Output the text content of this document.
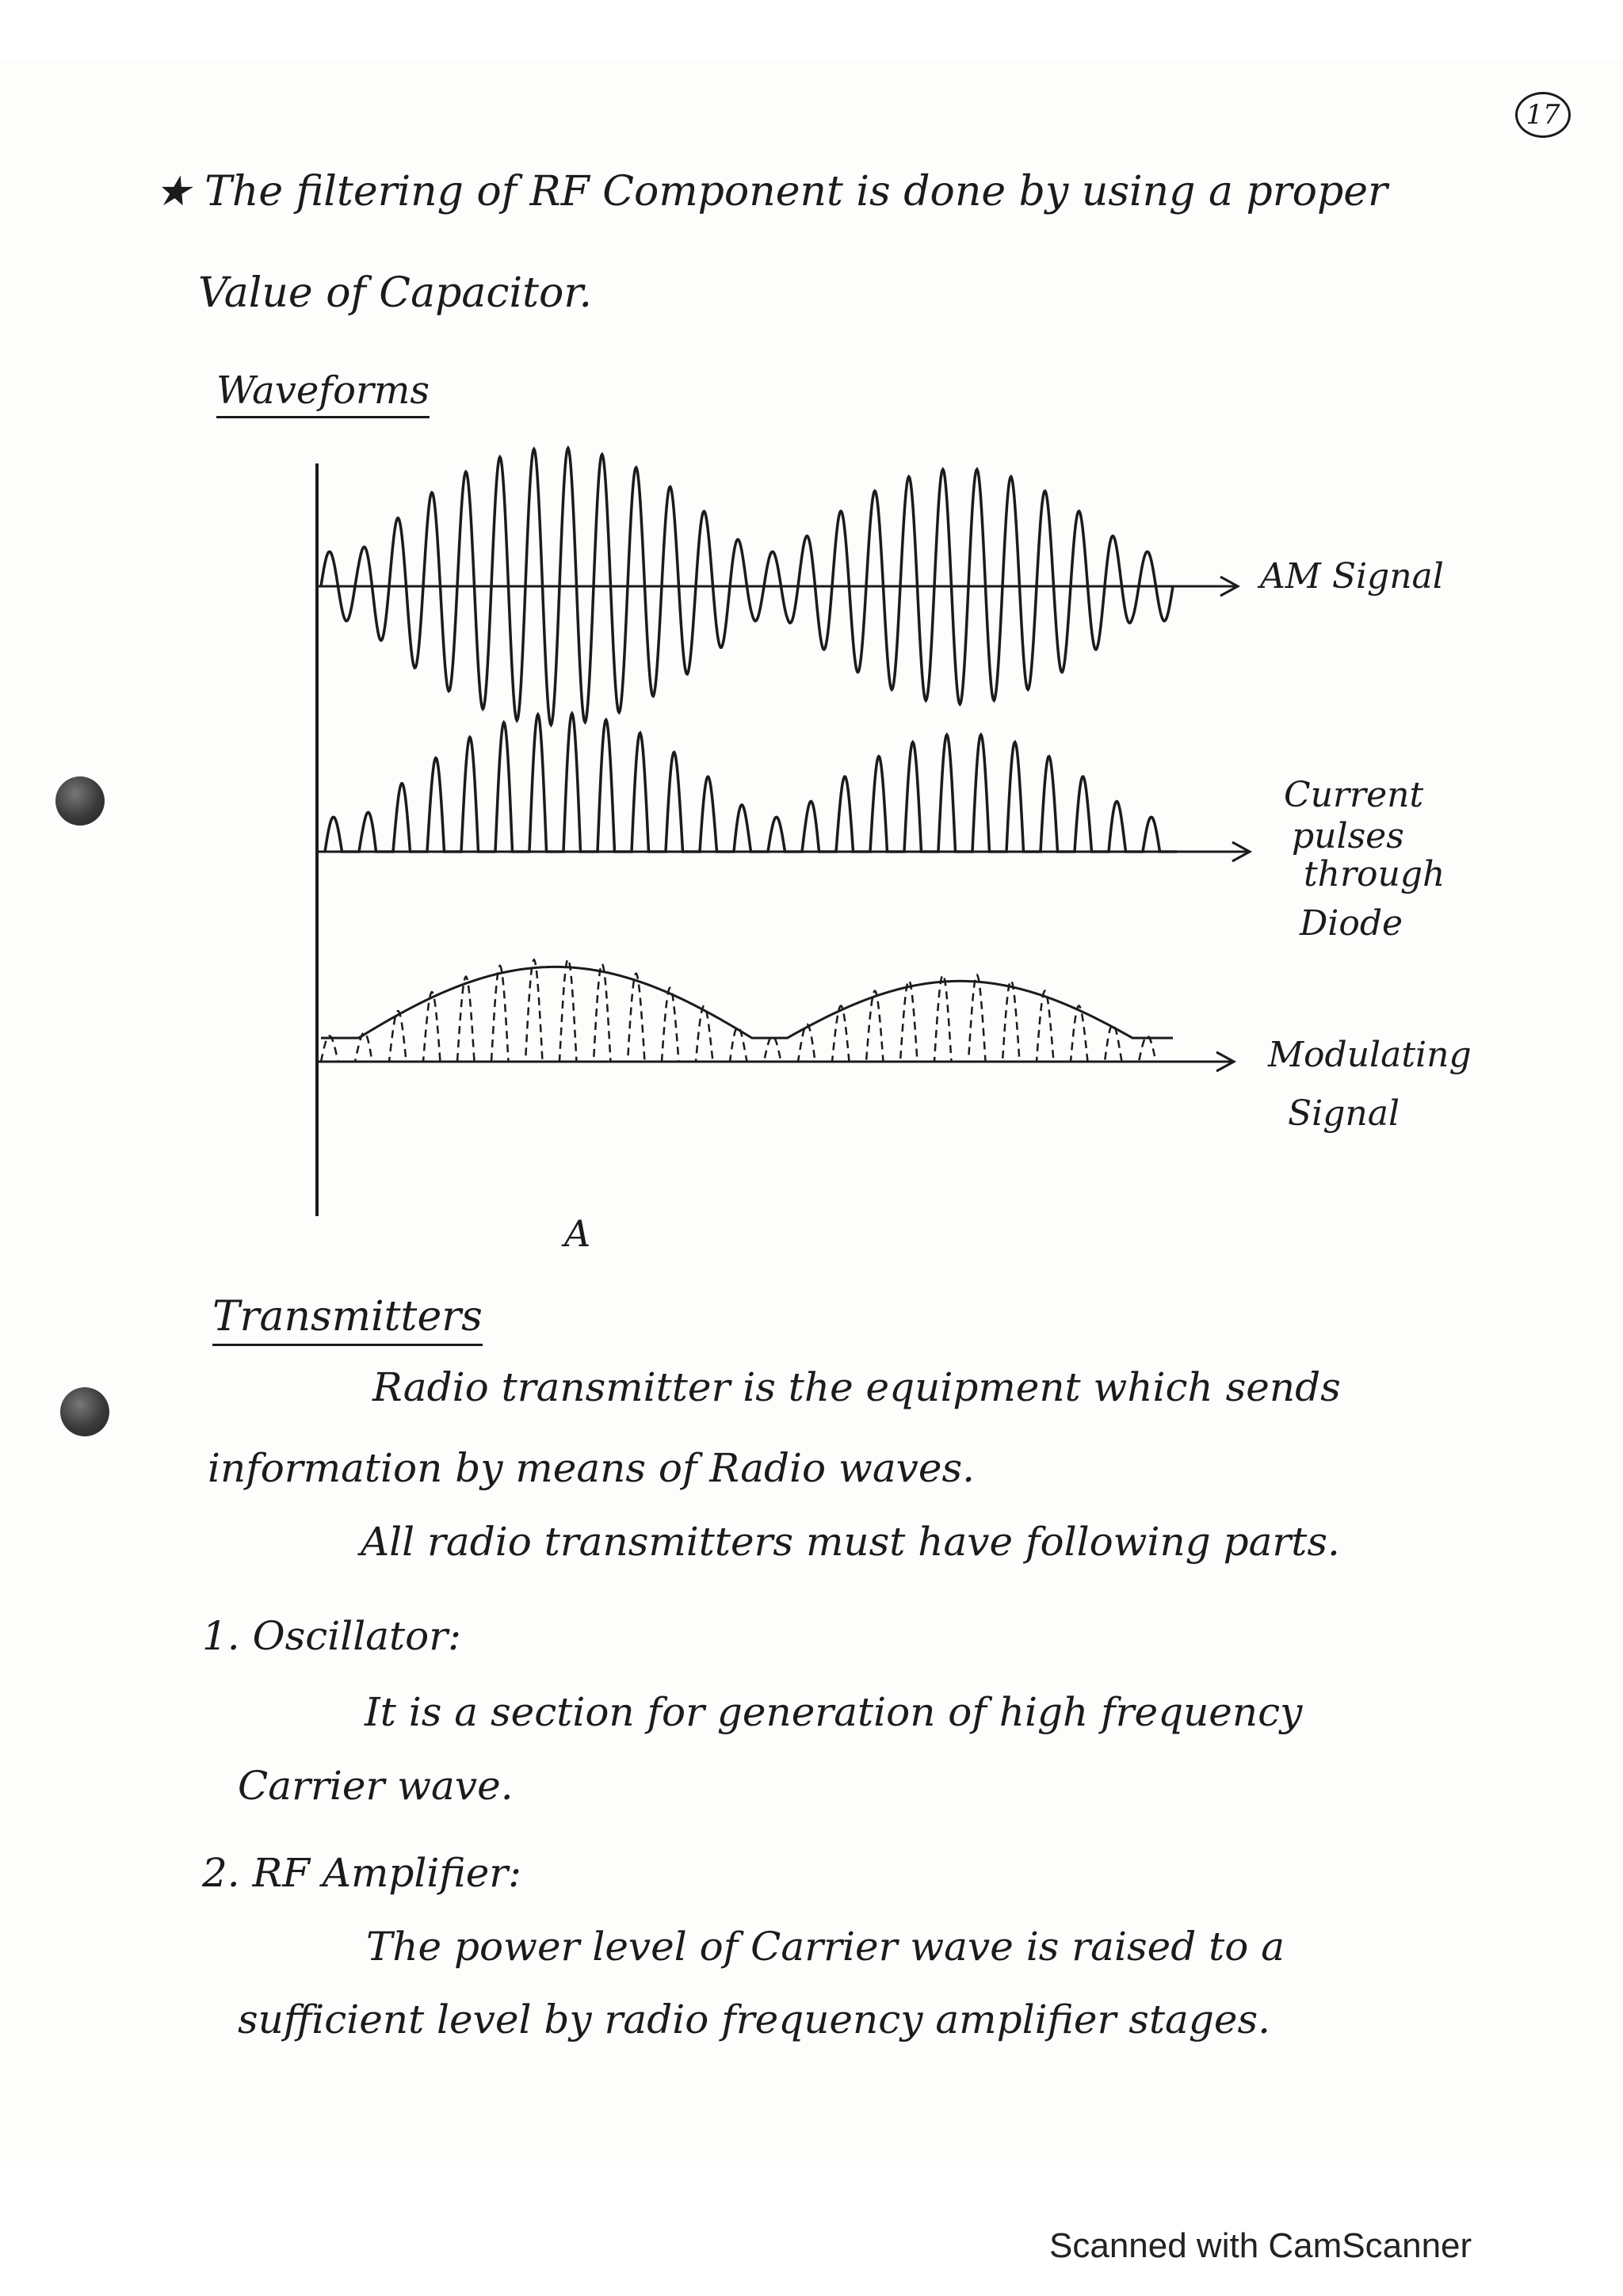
17
★ The filtering of RF Component is done by using a proper
Value of Capacitor.
Waveforms
AM Signal
Current
pulses
through
Diode
Modulating
Signal
A
Transmitters
Radio transmitter is the equipment which sends
information by means of Radio waves.
All radio transmitters must have following parts.
1. Oscillator:
It is a section for generation of high frequency
Carrier wave.
2. RF Amplifier:
The power level of Carrier wave is raised to a
sufficient level by radio frequency amplifier stages.
Scanned with CamScanner
